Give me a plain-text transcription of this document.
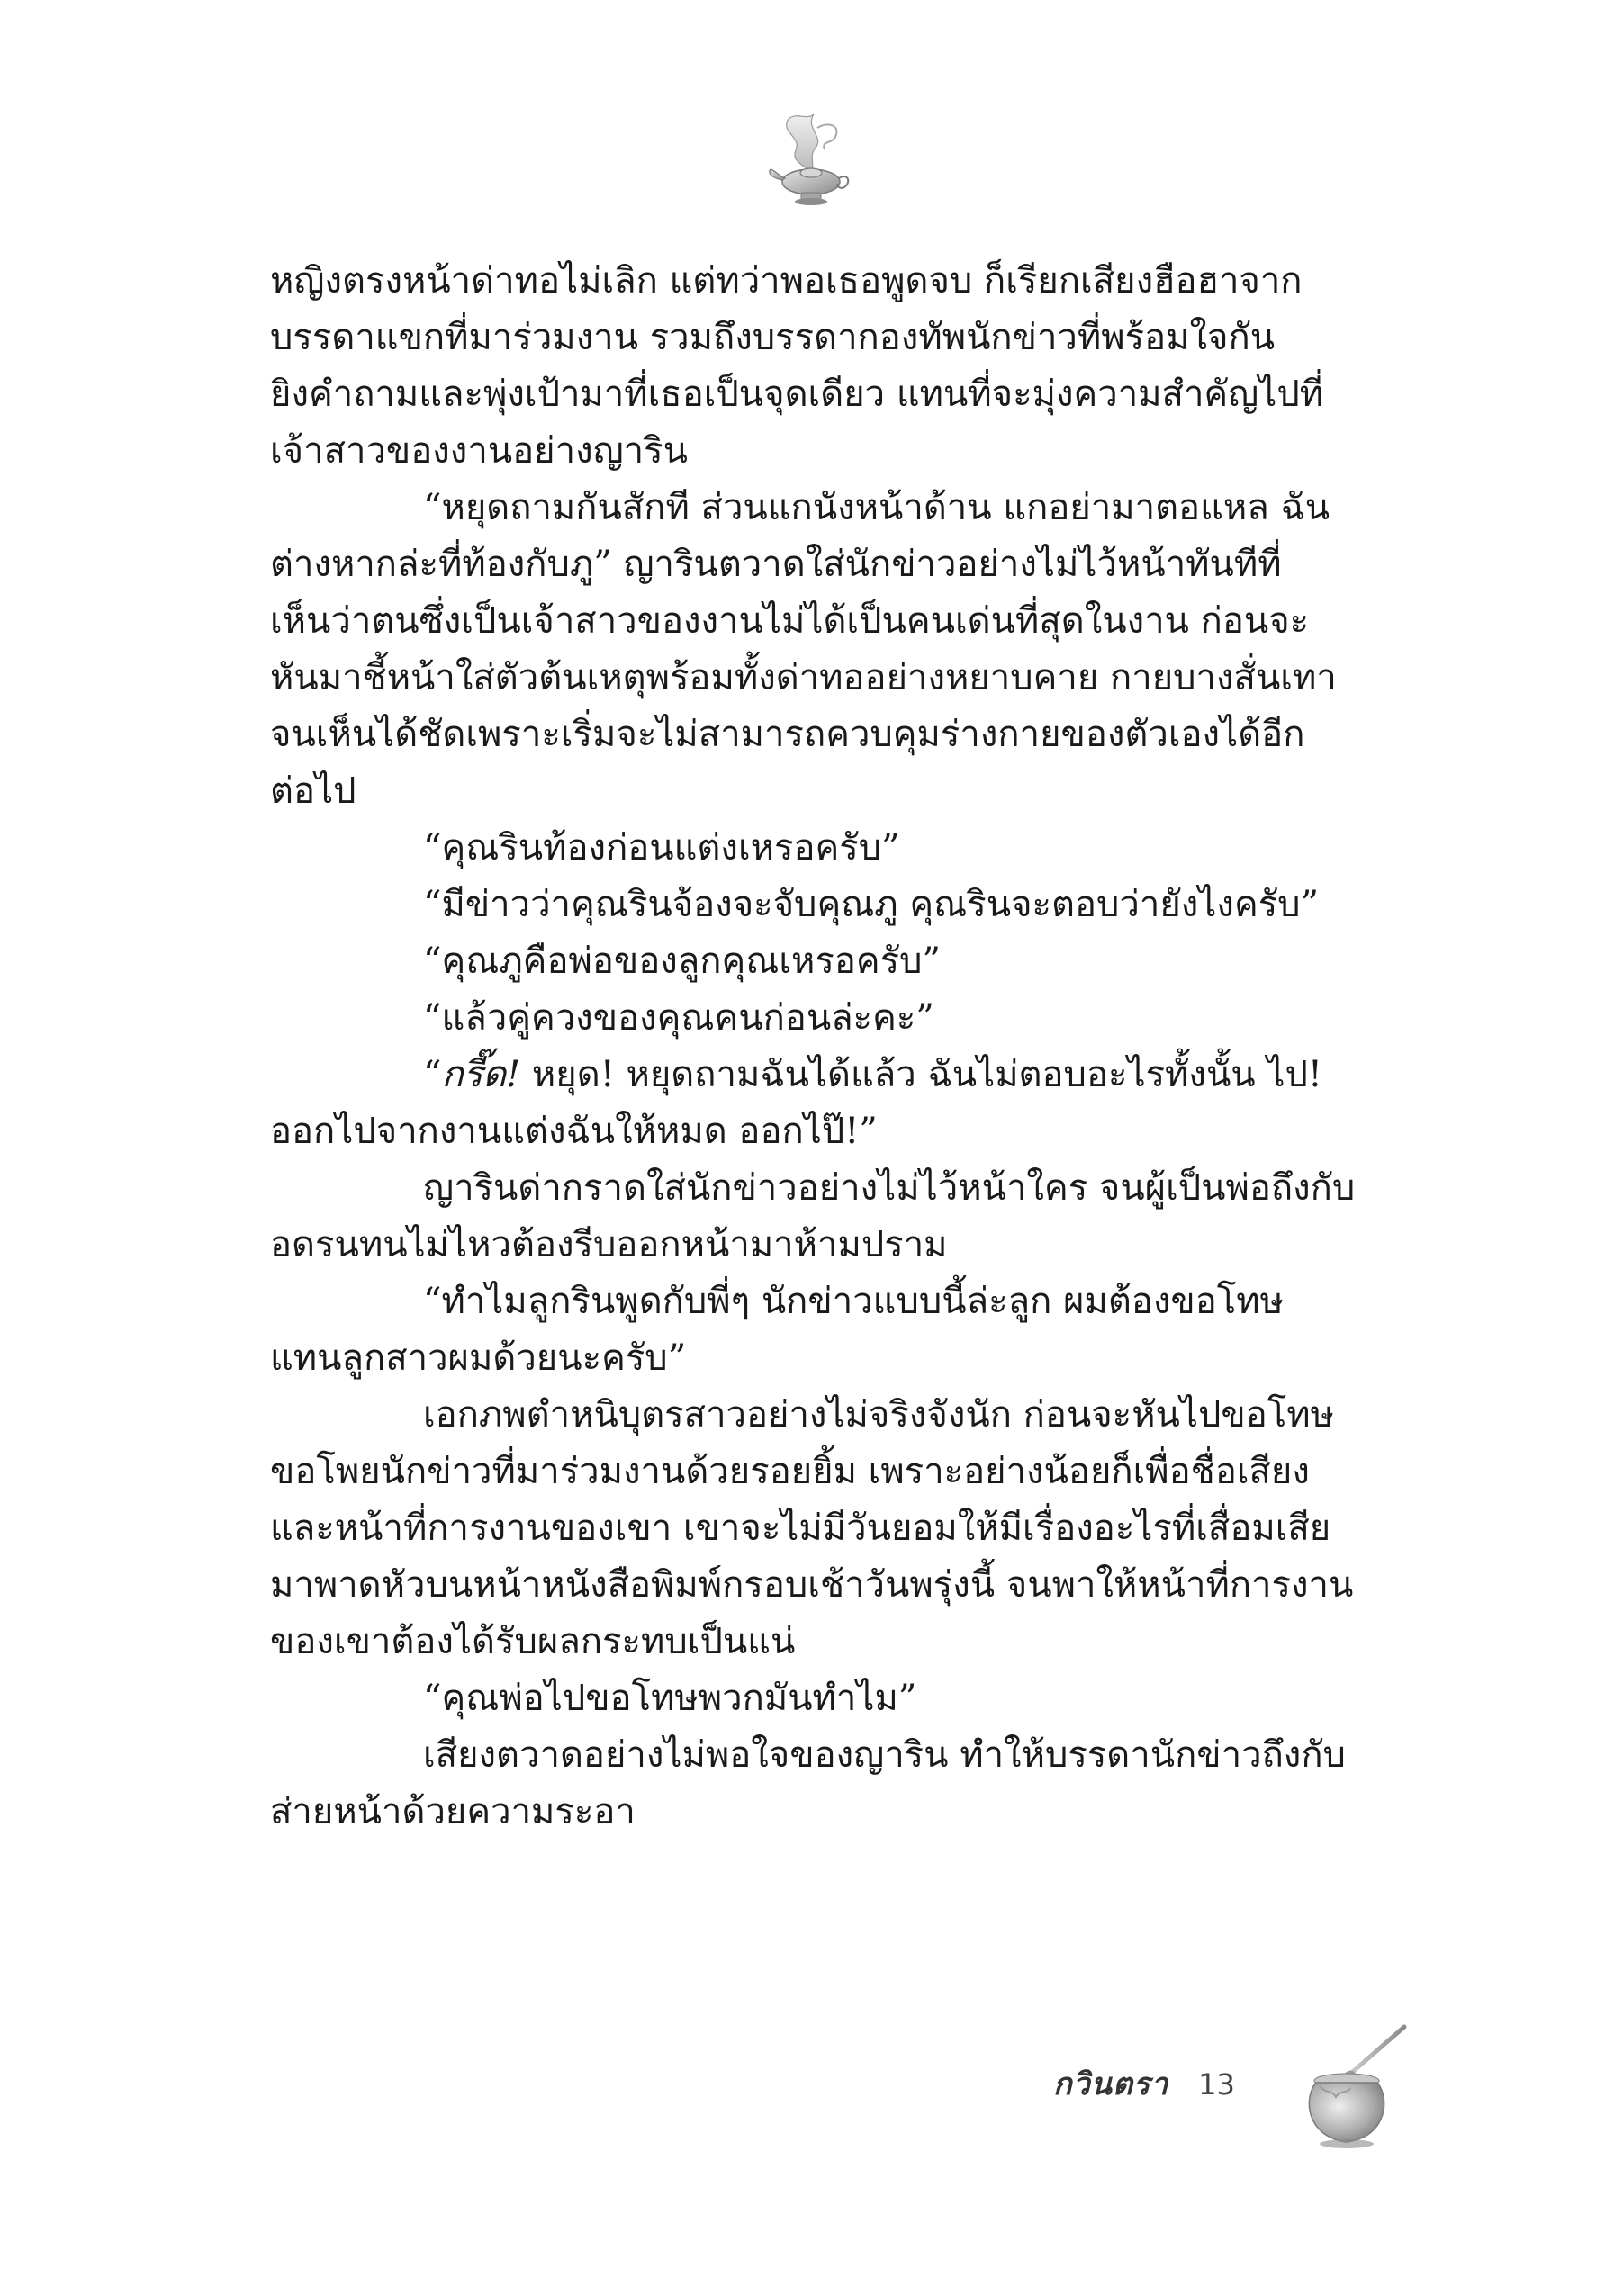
หญิงตรงหน้าด่าทอไม่เลิก แต่ทว่าพอเธอพูดจบ ก็เรียกเสียงฮือฮาจาก
บรรดาแขกที่มาร่วมงาน รวมถึงบรรดากองทัพนักข่าวที่พร้อมใจกัน
ยิงคำถามและพุ่งเป้ามาที่เธอเป็นจุดเดียว แทนที่จะมุ่งความสำคัญไปที่
เจ้าสาวของงานอย่างญาริน
“หยุดถามกันสักที ส่วนแกนังหน้าด้าน แกอย่ามาตอแหล ฉัน
ต่างหากล่ะที่ท้องกับภู” ญารินตวาดใส่นักข่าวอย่างไม่ไว้หน้าทันทีที่
เห็นว่าตนซึ่งเป็นเจ้าสาวของงานไม่ได้เป็นคนเด่นที่สุดในงาน ก่อนจะ
หันมาชี้หน้าใส่ตัวต้นเหตุพร้อมทั้งด่าทออย่างหยาบคาย กายบางสั่นเทา
จนเห็นได้ชัดเพราะเริ่มจะไม่สามารถควบคุมร่างกายของตัวเองได้อีก
ต่อไป
“คุณรินท้องก่อนแต่งเหรอครับ”
“มีข่าวว่าคุณรินจ้องจะจับคุณภู คุณรินจะตอบว่ายังไงครับ”
“คุณภูคือพ่อของลูกคุณเหรอครับ”
“แล้วคู่ควงของคุณคนก่อนล่ะคะ”
“กรี๊ด! หยุด! หยุดถามฉันได้แล้ว ฉันไม่ตอบอะไรทั้งนั้น ไป!
ออกไปจากงานแต่งฉันให้หมด ออกไป๊!”
ญารินด่ากราดใส่นักข่าวอย่างไม่ไว้หน้าใคร จนผู้เป็นพ่อถึงกับ
อดรนทนไม่ไหวต้องรีบออกหน้ามาห้ามปราม
“ทำไมลูกรินพูดกับพี่ๆ นักข่าวแบบนี้ล่ะลูก ผมต้องขอโทษ
แทนลูกสาวผมด้วยนะครับ”
เอกภพตำหนิบุตรสาวอย่างไม่จริงจังนัก ก่อนจะหันไปขอโทษ
ขอโพยนักข่าวที่มาร่วมงานด้วยรอยยิ้ม เพราะอย่างน้อยก็เพื่อชื่อเสียง
และหน้าที่การงานของเขา เขาจะไม่มีวันยอมให้มีเรื่องอะไรที่เสื่อมเสีย
มาพาดหัวบนหน้าหนังสือพิมพ์กรอบเช้าวันพรุ่งนี้ จนพาให้หน้าที่การงาน
ของเขาต้องได้รับผลกระทบเป็นแน่
“คุณพ่อไปขอโทษพวกมันทำไม”
เสียงตวาดอย่างไม่พอใจของญาริน ทำให้บรรดานักข่าวถึงกับ
ส่ายหน้าด้วยความระอา
กวินตรา 13
